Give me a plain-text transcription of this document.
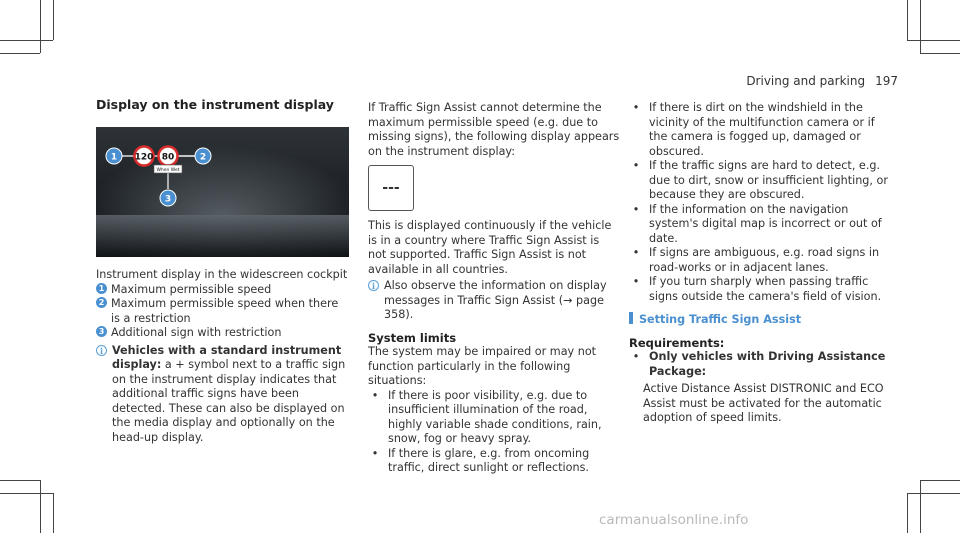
Driving and parking 197

Display on the instrument display

120 80
When Wet
1	2
3

Instrument display in the widescreen cockpit

1 Maximum permissible speed
2 Maximum permissible speed when there is a restriction
3 Additional sign with restriction
i Vehicles with a standard instrument display: a + symbol next to a traffic sign on the instrument display indicates that additional traffic signs have been detected. These can also be displayed on the media display and optionally on the head-up display.

If Traffic Sign Assist cannot determine the maximum permissible speed (e.g. due to missing signs), the following display appears on the instrument display:

---

This is displayed continuously if the vehicle is in a country where Traffic Sign Assist is not supported. Traffic Sign Assist is not available in all countries.

i Also observe the information on display messages in Traffic Sign Assist (→ page 358).

System limits

The system may be impaired or may not function particularly in the following situations:

• If there is poor visibility, e.g. due to insufficient illumination of the road, highly variable shade conditions, rain, snow, fog or heavy spray.
• If there is glare, e.g. from oncoming traffic, direct sunlight or reflections.
• If there is dirt on the windshield in the vicinity of the multifunction camera or if the camera is fogged up, damaged or obscured.
• If the traffic signs are hard to detect, e.g. due to dirt, snow or insufficient lighting, or because they are obscured.
• If the information on the navigation system's digital map is incorrect or out of date.
• If signs are ambiguous, e.g. road signs in road-works or in adjacent lanes.
• If you turn sharply when passing traffic signs outside the camera's field of vision.

Setting Traffic Sign Assist

Requirements:

• Only vehicles with Driving Assistance Package:

Active Distance Assist DISTRONIC and ECO Assist must be activated for the automatic adoption of speed limits.

carmanualsonline.info
